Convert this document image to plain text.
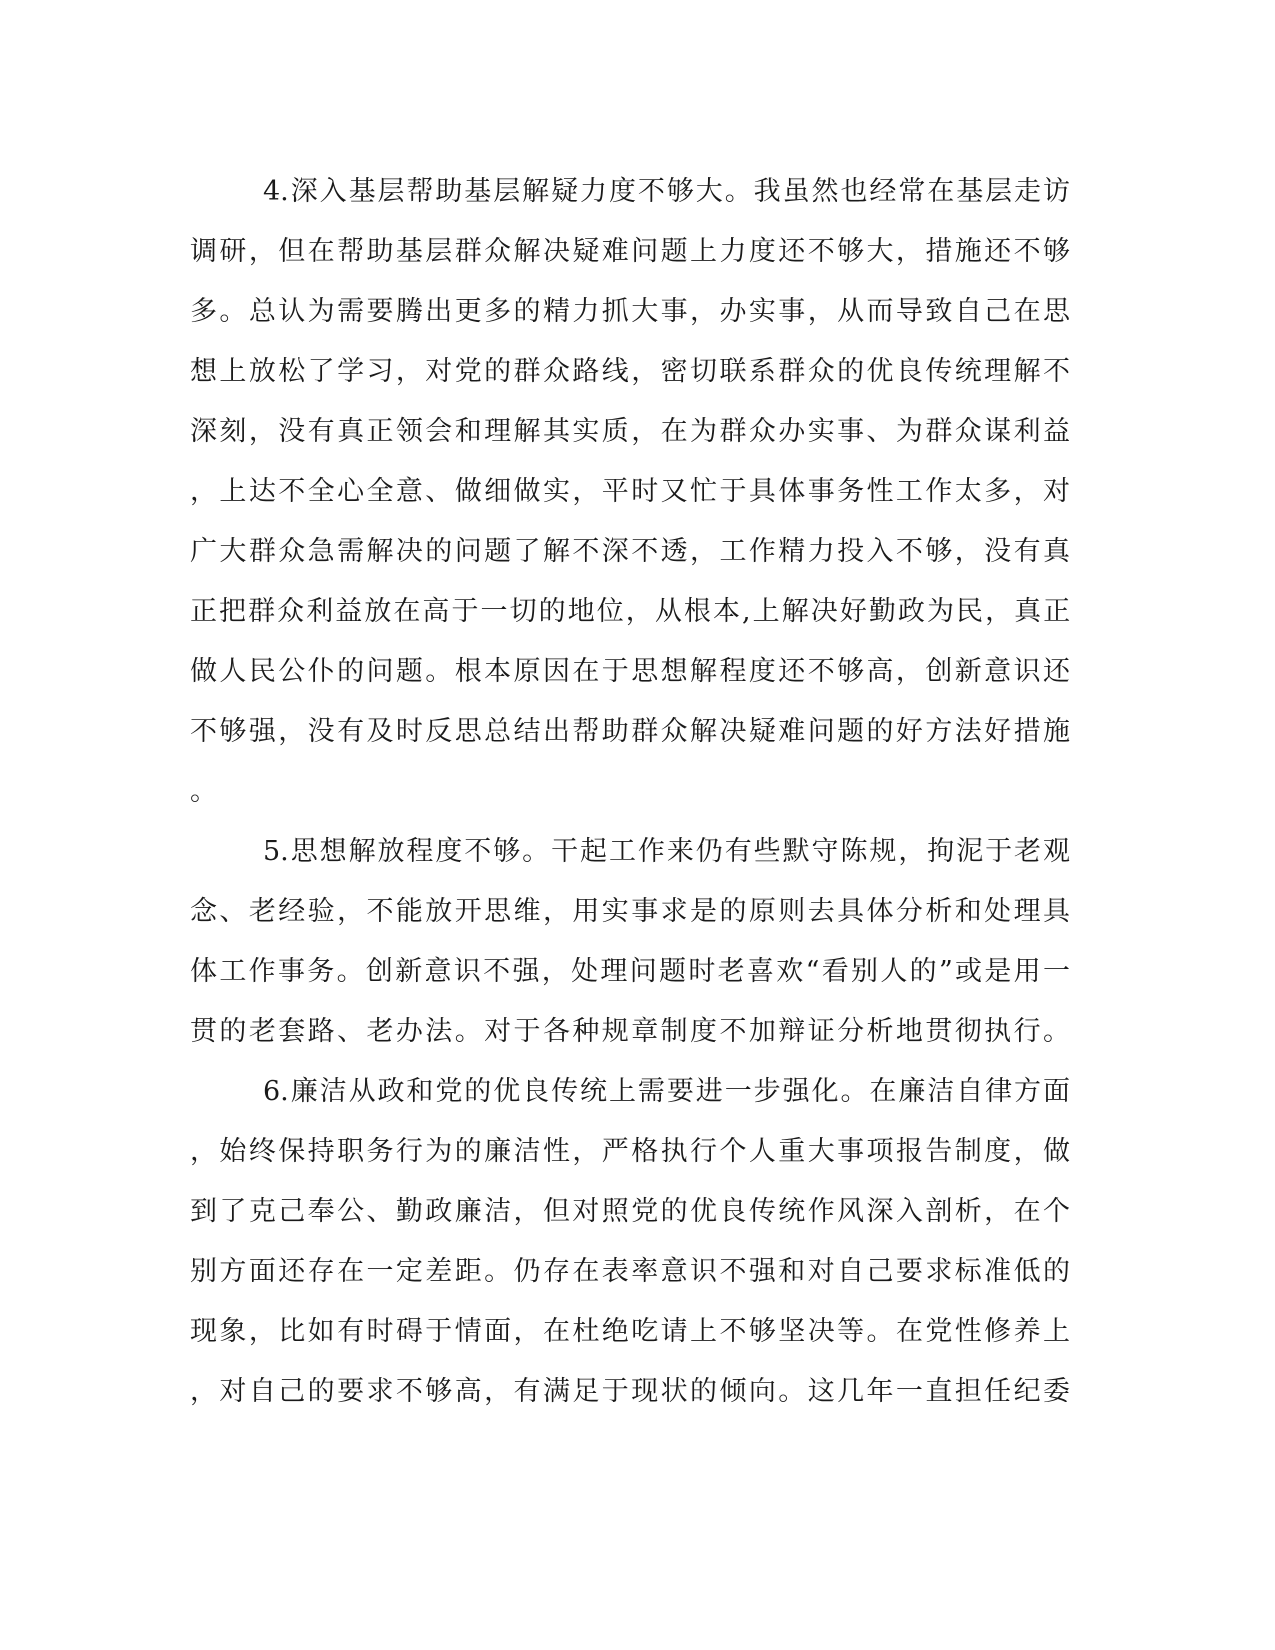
4.深入基层帮助基层解疑力度不够大。我虽然也经常在基层走访
调研，但在帮助基层群众解决疑难问题上力度还不够大，措施还不够
多。总认为需要腾出更多的精力抓大事，办实事，从而导致自己在思
想上放松了学习，对党的群众路线，密切联系群众的优良传统理解不
深刻，没有真正领会和理解其实质，在为群众办实事、为群众谋利益
，上达不全心全意、做细做实，平时又忙于具体事务性工作太多，对
广大群众急需解决的问题了解不深不透，工作精力投入不够，没有真
正把群众利益放在高于一切的地位，从根本,上解决好勤政为民，真正
做人民公仆的问题。根本原因在于思想解程度还不够高，创新意识还
不够强，没有及时反思总结出帮助群众解决疑难问题的好方法好措施
。
5.思想解放程度不够。干起工作来仍有些默守陈规，拘泥于老观
念、老经验，不能放开思维，用实事求是的原则去具体分析和处理具
体工作事务。创新意识不强，处理问题时老喜欢“看别人的”或是用一
贯的老套路、老办法。对于各种规章制度不加辩证分析地贯彻执行。
6.廉洁从政和党的优良传统上需要进一步强化。在廉洁自律方面
，始终保持职务行为的廉洁性，严格执行个人重大事项报告制度，做
到了克己奉公、勤政廉洁，但对照党的优良传统作风深入剖析，在个
别方面还存在一定差距。仍存在表率意识不强和对自己要求标准低的
现象，比如有时碍于情面，在杜绝吃请上不够坚决等。在党性修养上
，对自己的要求不够高，有满足于现状的倾向。这几年一直担任纪委
